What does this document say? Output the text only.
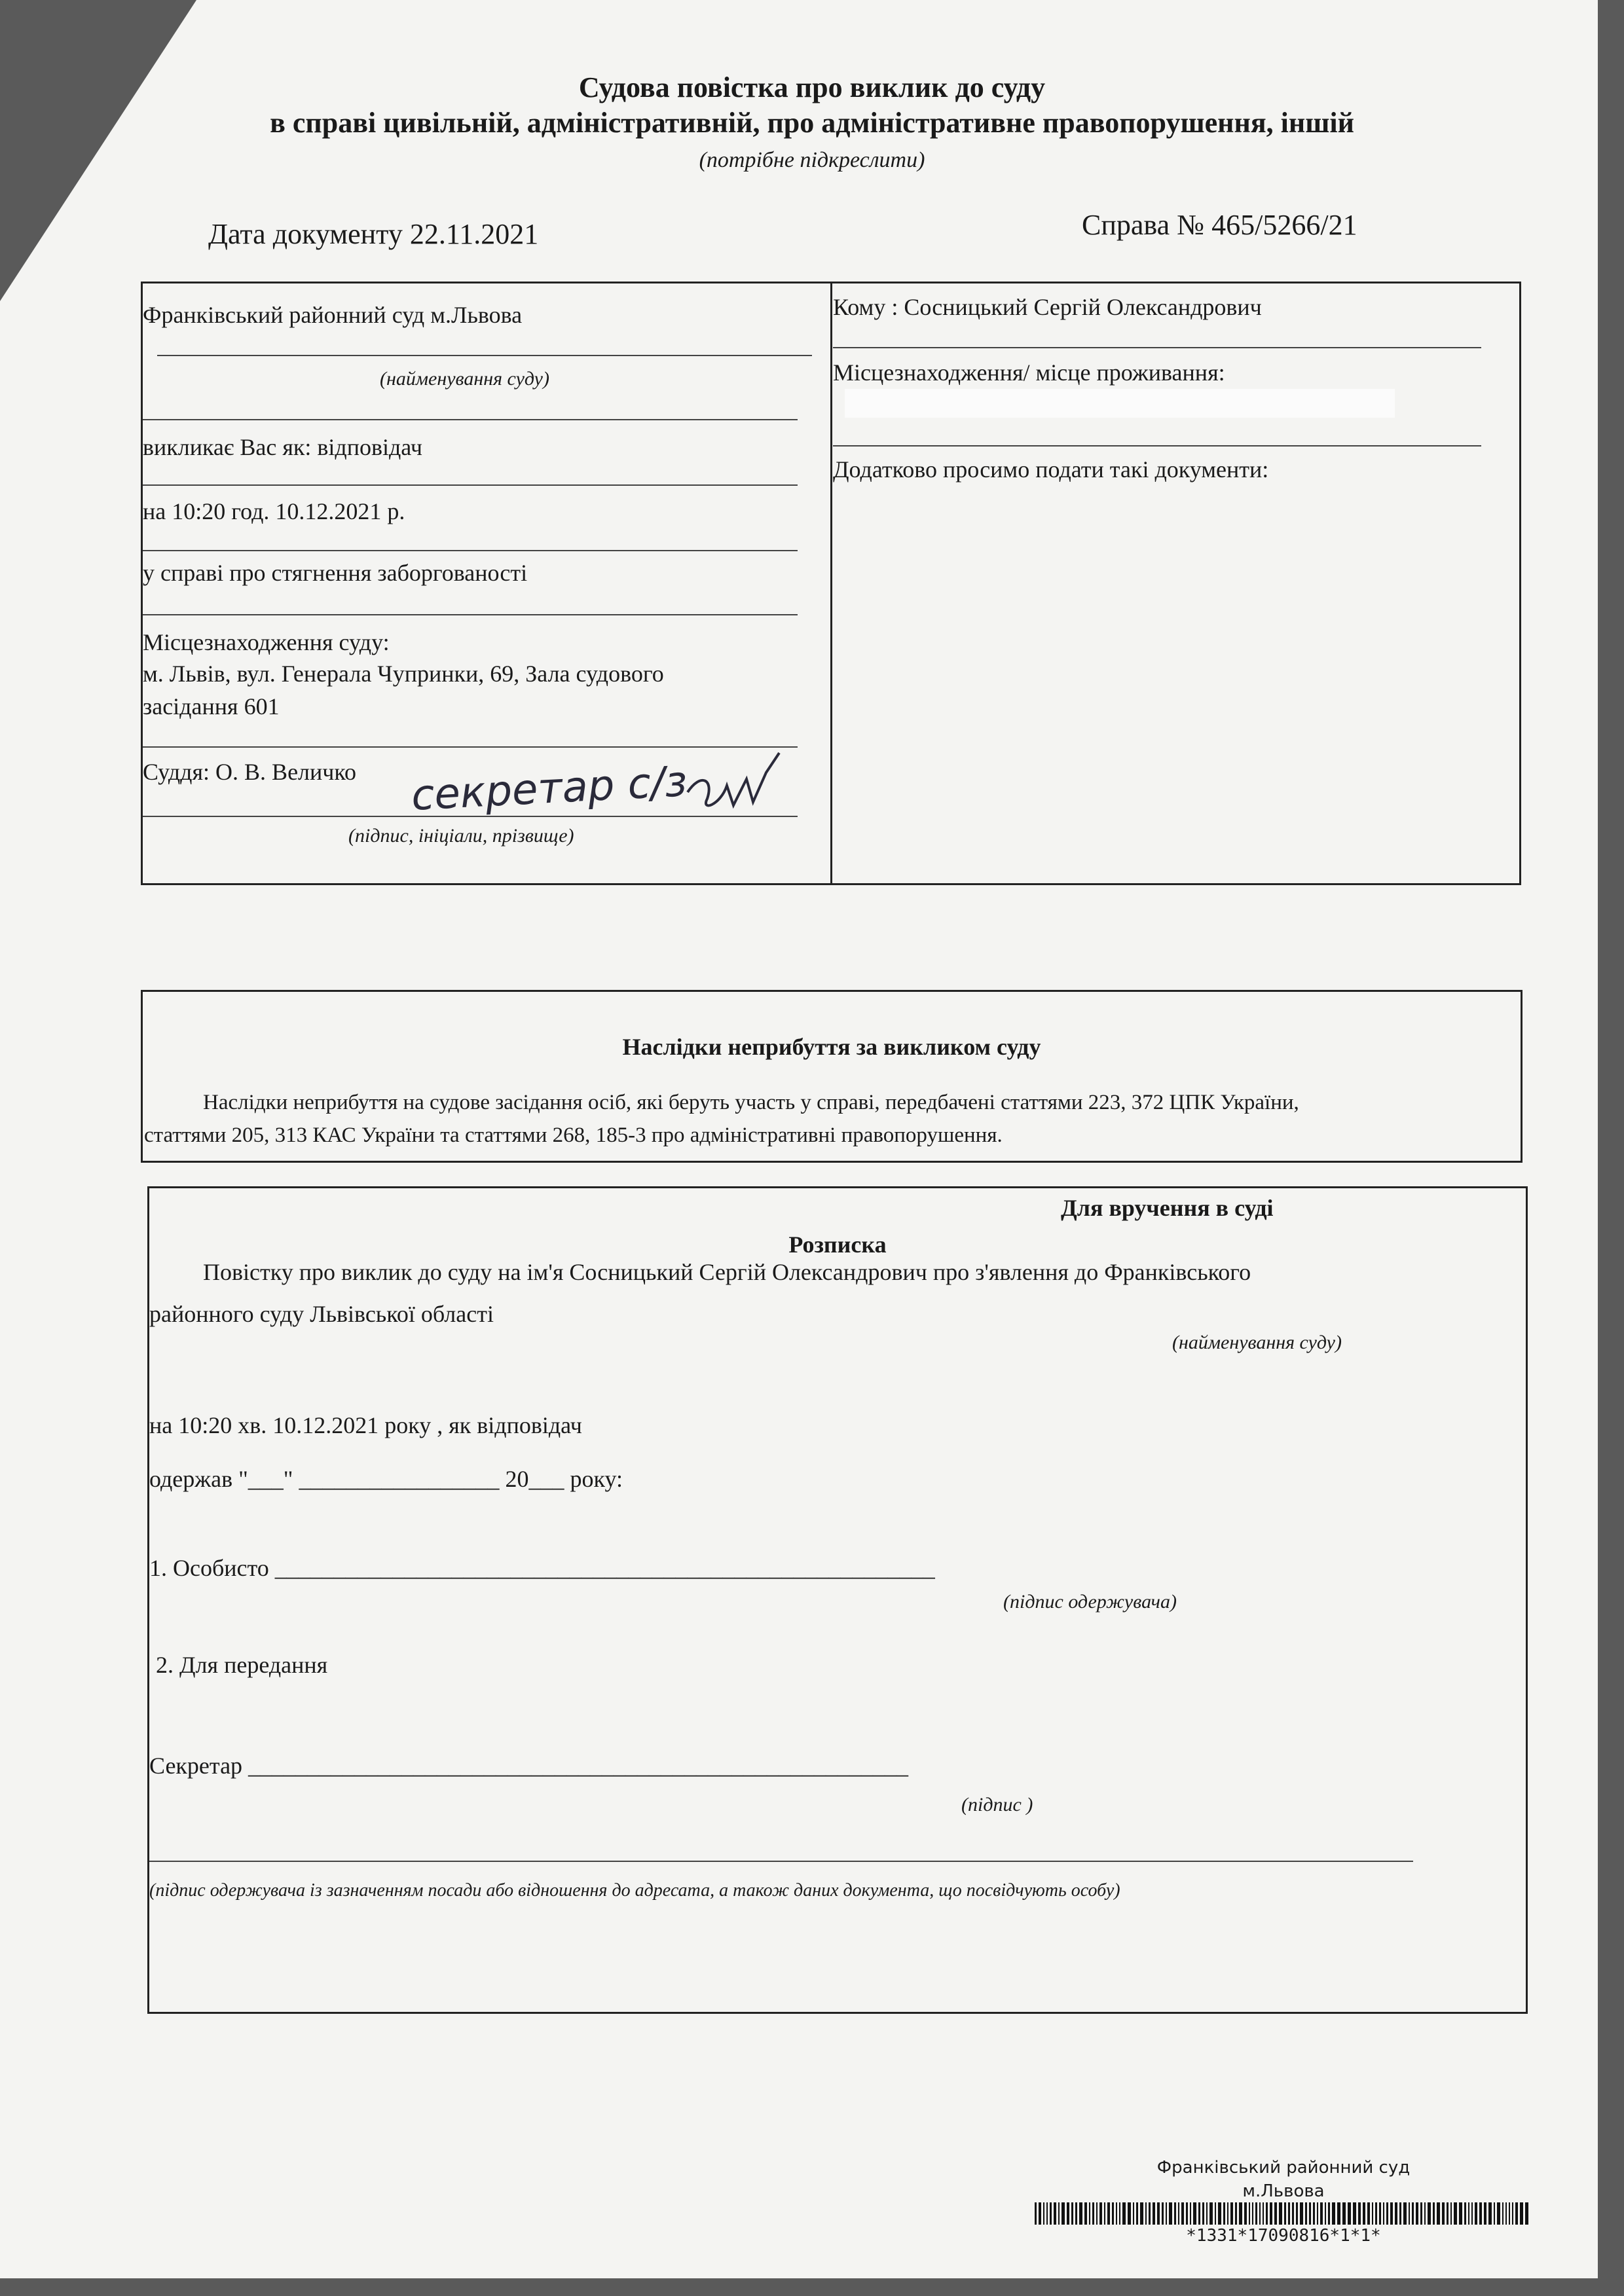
Судова повістка про виклик до суду
в справі цивільній, адміністративній, про адміністративне правопорушення, іншій
(потрібне підкреслити)
Дата документу 22.11.2021	Справа № 465/5266/21
Франківський районний суд м.Львова
(найменування суду)
викликає Вас як: відповідач
на 10:20 год. 10.12.2021 р.
у справі про стягнення заборгованості
Місцезнаходження суду:
м. Львів, вул. Генерала Чупринки, 69, Зала судового
засідання 601
Суддя: О. В. Величко секретар с/з
(підпис, ініціали, прізвище)
Кому : Сосницький Сергій Олександрович
Місцезнаходження/ місце проживання:
Додатково просимо подати такі документи:
Наслідки неприбуття за викликом суду
Наслідки неприбуття на судове засідання осіб, які беруть участь у справі, передбачені статтями 223, 372 ЦПК України,
статтями 205, 313 КАС України та статтями 268, 185-3 про адміністративні правопорушення.
Для вручення в суді
Розписка
Повістку про виклик до суду на ім'я Сосницький Сергій Олександрович про з'явлення до Франківського
районного суду Львівської області
(найменування суду)
на 10:20 хв. 10.12.2021 року , як відповідач
одержав "___" _________________ 20___ року:
1. Особисто ________________________________________________________
(підпис одержувача)
2. Для передання
Секретар ________________________________________________________
(підпис )
(підпис одержувача із зазначенням посади або відношення до адресата, а також даних документа, що посвідчують особу)
Франківський районний суд
м.Львова
*1331*17090816*1*1*
